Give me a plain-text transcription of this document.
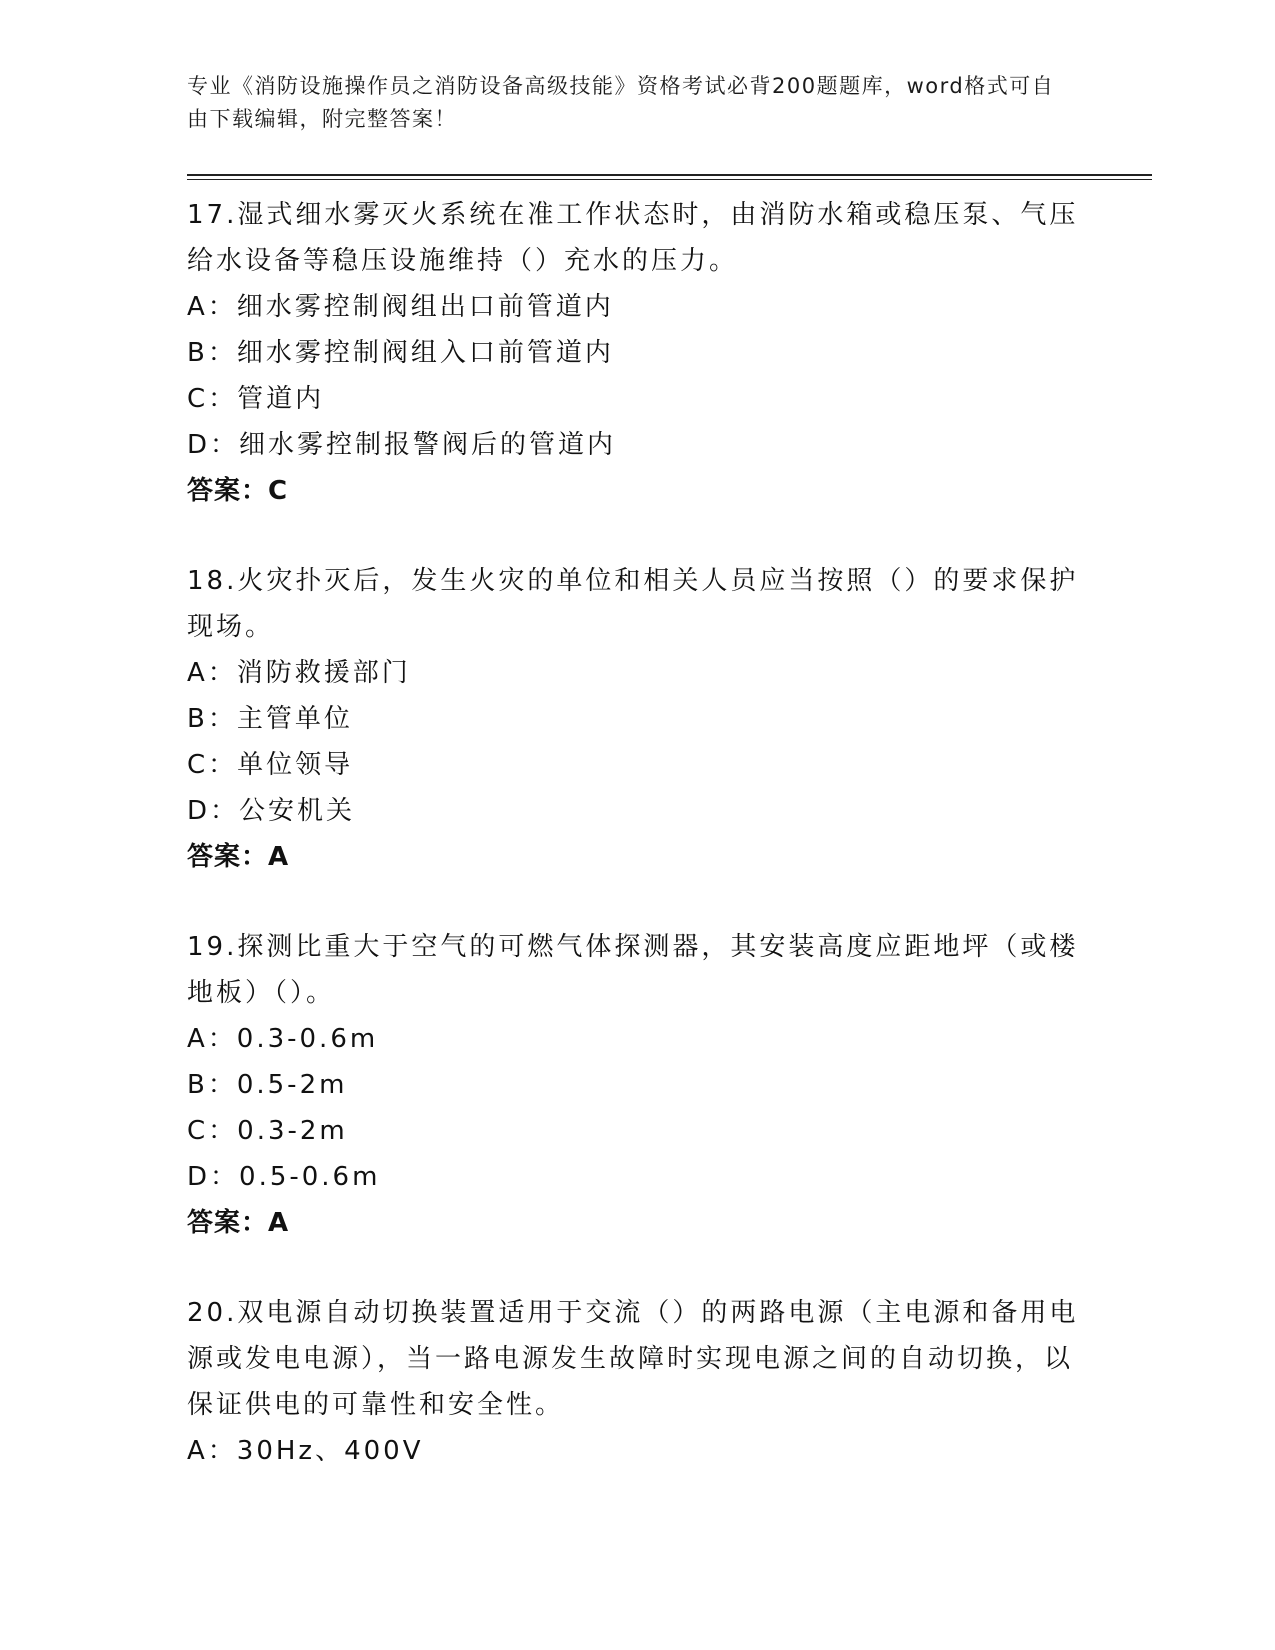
专业《消防设施操作员之消防设备高级技能》资格考试必背200题题库，word格式可自由下载编辑，附完整答案！
17.湿式细水雾灭火系统在准工作状态时，由消防水箱或稳压泵、气压给水设备等稳压设施维持（）充水的压力。
A：细水雾控制阀组出口前管道内
B：细水雾控制阀组入口前管道内
C：管道内
D：细水雾控制报警阀后的管道内
答案：C
18.火灾扑灭后，发生火灾的单位和相关人员应当按照（）的要求保护现场。
A：消防救援部门
B：主管单位
C：单位领导
D：公安机关
答案：A
19.探测比重大于空气的可燃气体探测器，其安装高度应距地坪（或楼地板）（）。
A：0.3-0.6m
B：0.5-2m
C：0.3-2m
D：0.5-0.6m
答案：A
20.双电源自动切换装置适用于交流（）的两路电源（主电源和备用电源或发电电源），当一路电源发生故障时实现电源之间的自动切换，以保证供电的可靠性和安全性。
A：30Hz、400V
